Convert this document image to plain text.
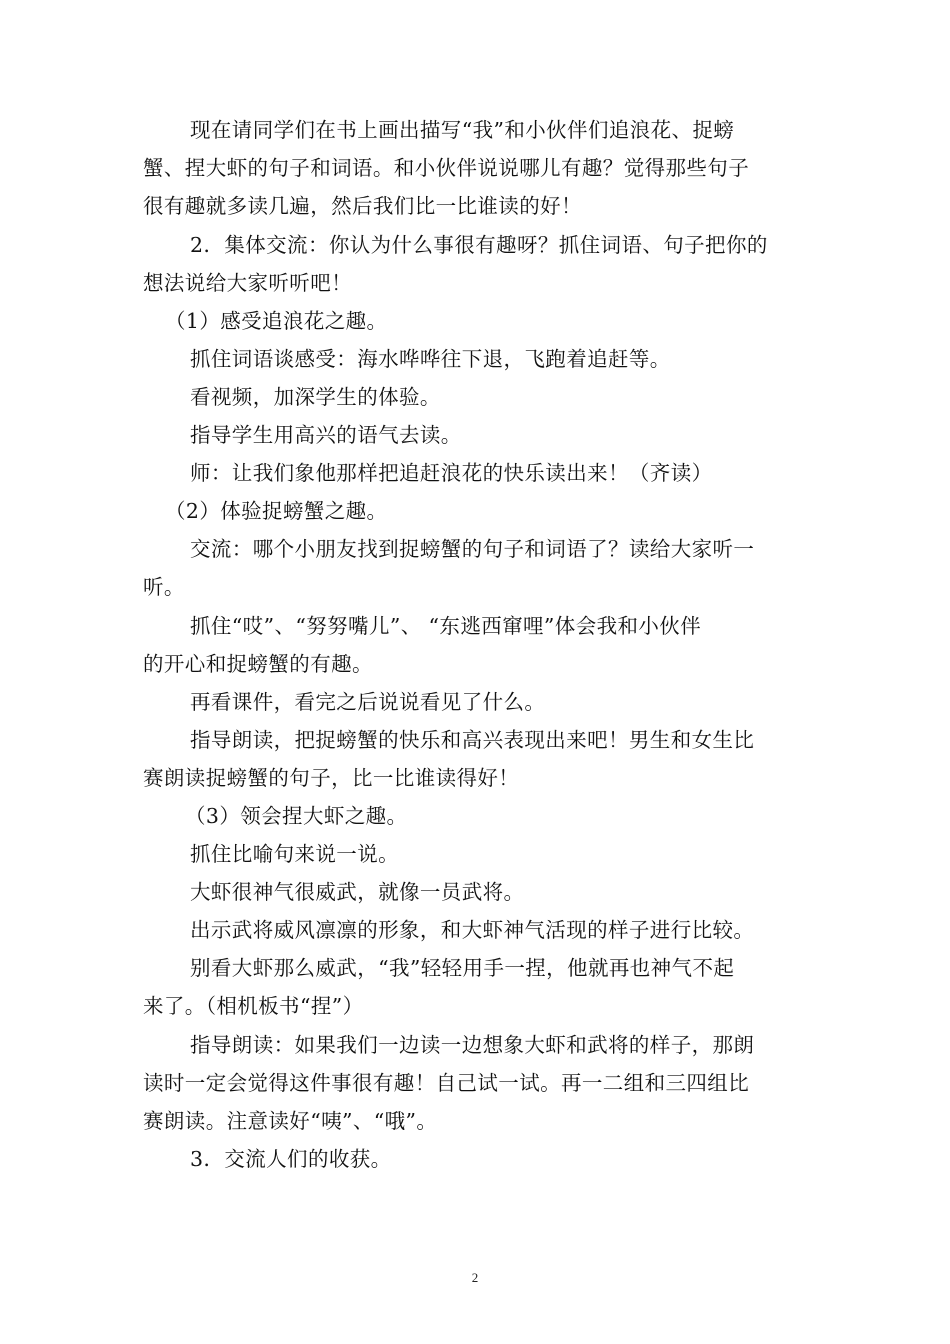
现在请同学们在书上画出描写“我”和小伙伴们追浪花、捉螃
蟹、捏大虾的句子和词语。和小伙伴说说哪儿有趣？觉得那些句子
很有趣就多读几遍，然后我们比一比谁读的好！
2．集体交流：你认为什么事很有趣呀？抓住词语、句子把你的
想法说给大家听听吧！
（1）感受追浪花之趣。
抓住词语谈感受：海水哗哗往下退，飞跑着追赶等。
看视频，加深学生的体验。
指导学生用高兴的语气去读。
师：让我们象他那样把追赶浪花的快乐读出来！（齐读）
（2）体验捉螃蟹之趣。
交流：哪个小朋友找到捉螃蟹的句子和词语了？读给大家听一
听。
抓住“哎”、“努努嘴儿”、 “东逃西窜哩”体会我和小伙伴
的开心和捉螃蟹的有趣。
再看课件，看完之后说说看见了什么。
指导朗读，把捉螃蟹的快乐和高兴表现出来吧！男生和女生比
赛朗读捉螃蟹的句子，比一比谁读得好！
（3）领会捏大虾之趣。
抓住比喻句来说一说。
大虾很神气很威武，就像一员武将。
出示武将威风凛凛的形象，和大虾神气活现的样子进行比较。
别看大虾那么威武，“我”轻轻用手一捏，他就再也神气不起
来了。（相机板书“捏”）
指导朗读：如果我们一边读一边想象大虾和武将的样子，那朗
读时一定会觉得这件事很有趣！自己试一试。再一二组和三四组比
赛朗读。注意读好“咦”、“哦”。
3．交流人们的收获。
2
